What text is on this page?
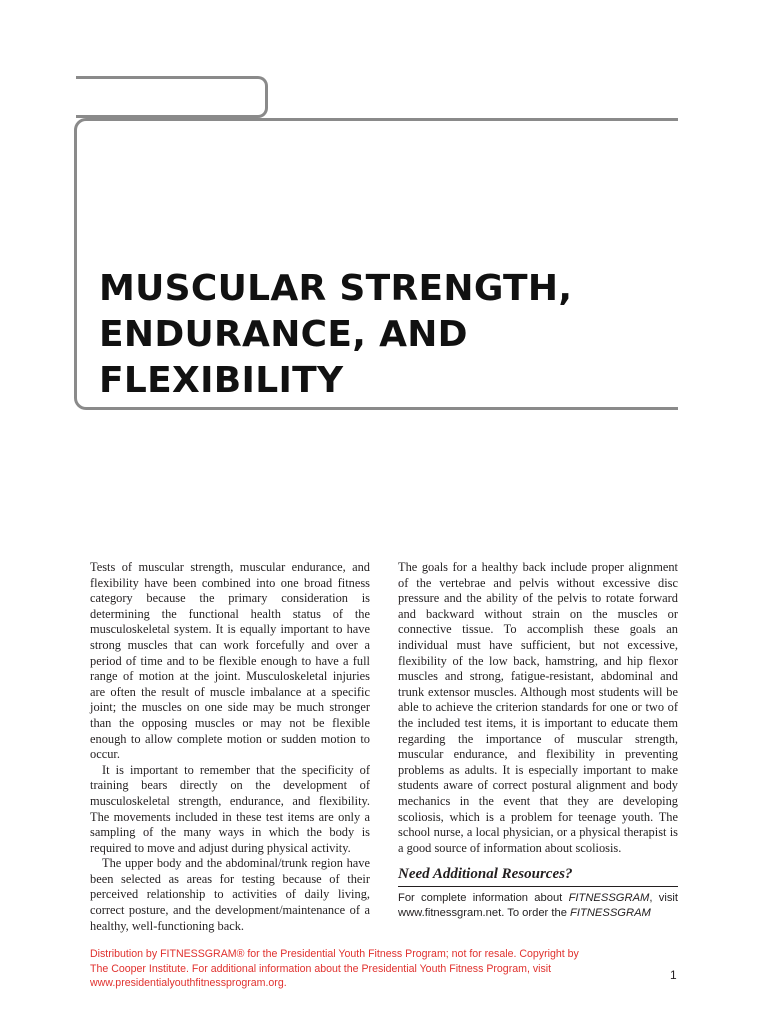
MUSCULAR STRENGTH,
ENDURANCE, AND FLEXIBILITY

Tests of muscular strength, muscular endurance, and flexibility have been combined into one broad fitness category because the primary consideration is determining the functional health status of the musculoskeletal system. It is equally important to have strong muscles that can work forcefully and over a period of time and to be flexible enough to have a full range of motion at the joint. Musculoskeletal injuries are often the result of muscle imbalance at a specific joint; the muscles on one side may be much stronger than the opposing muscles or may not be flexible enough to allow complete motion or sudden motion to occur.

It is important to remember that the specificity of training bears directly on the development of musculoskeletal strength, endurance, and flexibility. The movements included in these test items are only a sampling of the many ways in which the body is required to move and adjust during physical activity.

The upper body and the abdominal/trunk region have been selected as areas for testing because of their perceived relationship to activities of daily living, correct posture, and the development/maintenance of a healthy, well-functioning back.

The goals for a healthy back include proper alignment of the vertebrae and pelvis without excessive disc pressure and the ability of the pelvis to rotate forward and backward without strain on the muscles or connective tissue. To accomplish these goals an individual must have sufficient, but not excessive, flexibility of the low back, hamstring, and hip flexor muscles and strong, fatigue-resistant, abdominal and trunk extensor muscles. Although most students will be able to achieve the criterion standards for one or two of the included test items, it is important to educate them regarding the importance of muscular strength, muscular endurance, and flexibility in preventing problems as adults. It is especially important to make students aware of correct postural alignment and body mechanics in the event that they are developing scoliosis, which is a problem for teenage youth. The school nurse, a local physician, or a physical therapist is a good source of information about scoliosis.

Need Additional Resources?

For complete information about FITNESSGRAM, visit www.fitnessgram.net. To order the FITNESSGRAM

Distribution by FITNESSGRAM® for the Presidential Youth Fitness Program; not for resale. Copyright by
The Cooper Institute. For additional information about the Presidential Youth Fitness Program, visit
www.presidentialyouthfitnessprogram.org.
1
